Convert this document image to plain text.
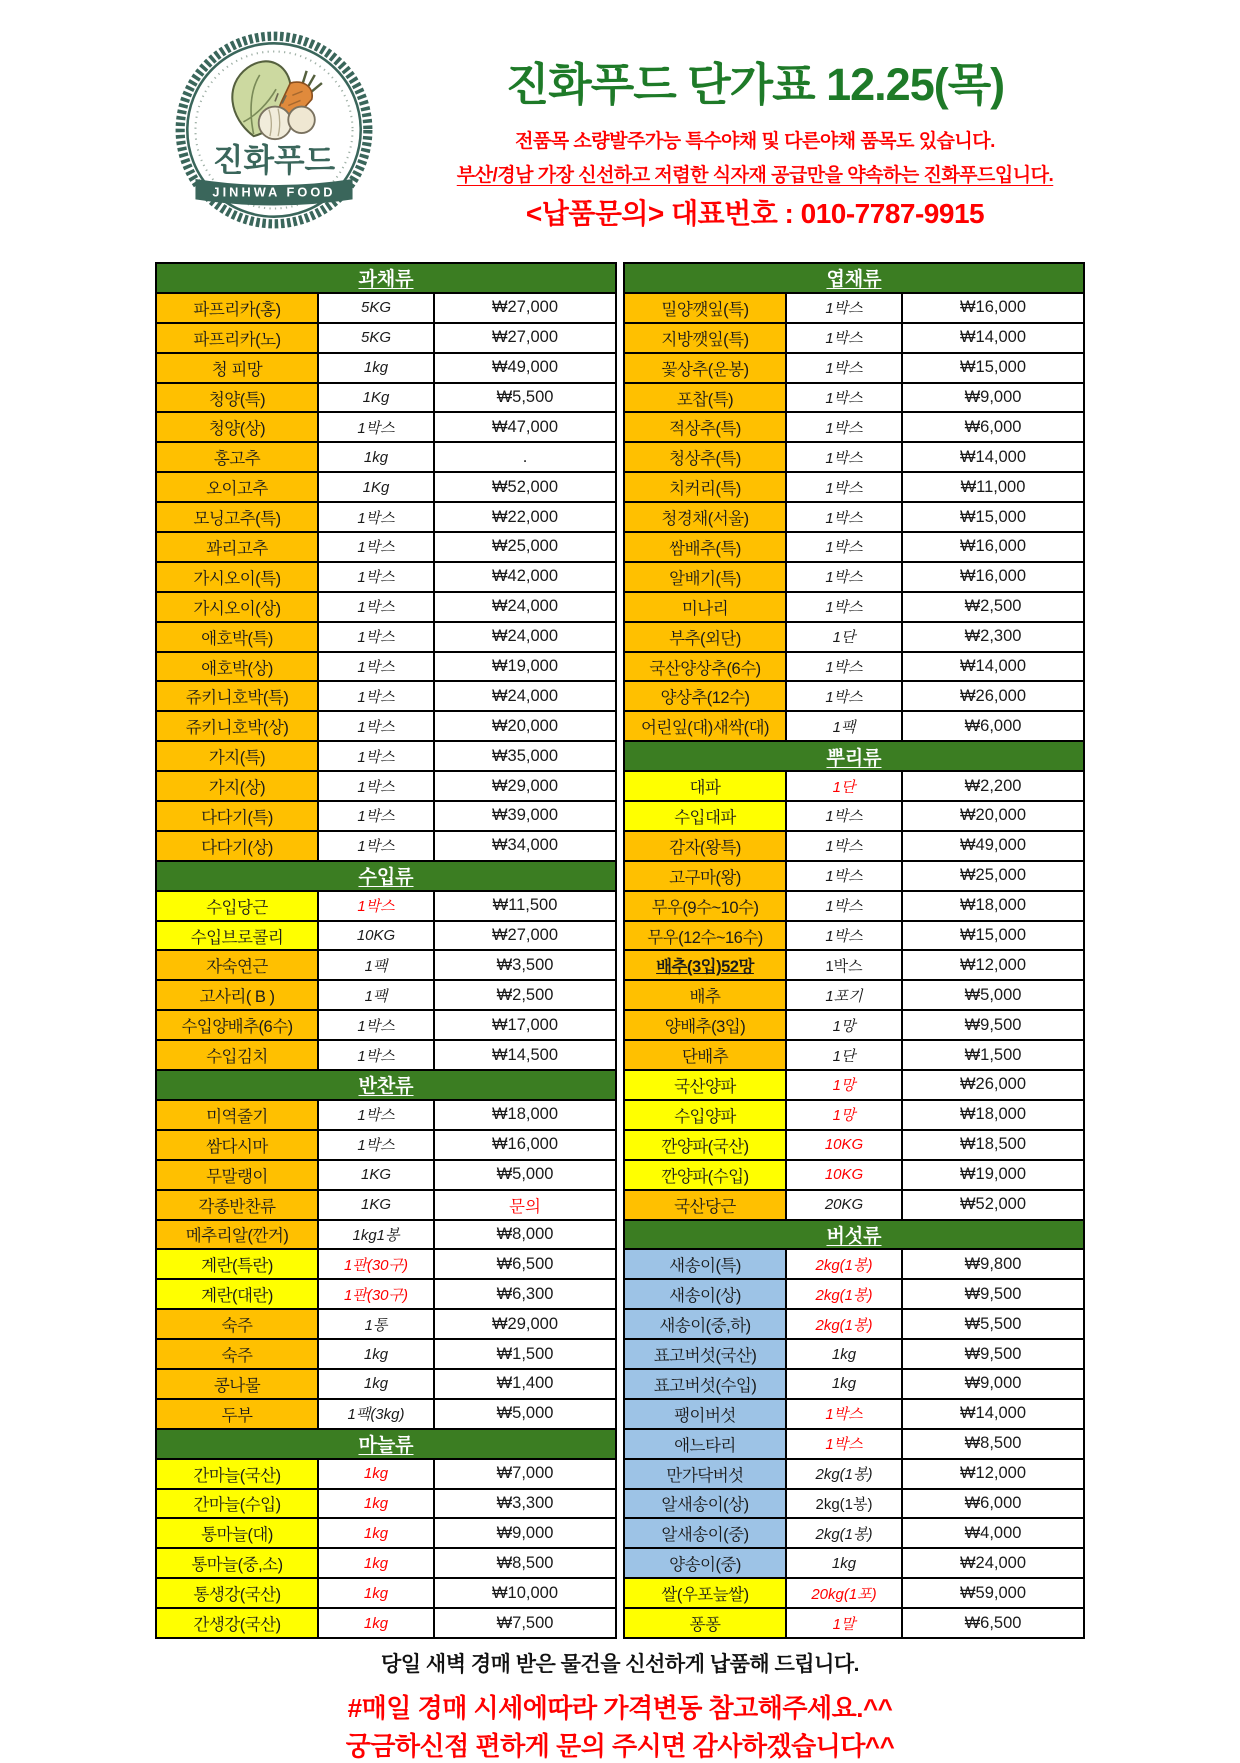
진화푸드
JINHWA FOOD
진화푸드 단가표 12.25(목)
전품목 소량발주가능 특수야채 및 다른야채 품목도 있습니다.
부산/경남 가장 신선하고 저렴한 식자재 공급만을 약속하는 진화푸드입니다.
<납품문의> 대표번호 : 010-7787-9915
과채류
파프리카(홍)	5KG	₩27,000
파프리카(노)	5KG	₩27,000
청 피망	1kg	₩49,000
청양(특)	1Kg	₩5,500
청양(상)	1박스	₩47,000
홍고추	1kg	.
오이고추	1Kg	₩52,000
모닝고추(특)	1박스	₩22,000
꽈리고추	1박스	₩25,000
가시오이(특)	1박스	₩42,000
가시오이(상)	1박스	₩24,000
애호박(특)	1박스	₩24,000
애호박(상)	1박스	₩19,000
쥬키니호박(특)	1박스	₩24,000
쥬키니호박(상)	1박스	₩20,000
가지(특)	1박스	₩35,000
가지(상)	1박스	₩29,000
다다기(특)	1박스	₩39,000
다다기(상)	1박스	₩34,000
수입류
수입당근	1박스	₩11,500
수입브로콜리	10KG	₩27,000
자숙연근	1팩	₩3,500
고사리( B )	1팩	₩2,500
수입양배추(6수)	1박스	₩17,000
수입김치	1박스	₩14,500
반찬류
미역줄기	1박스	₩18,000
쌈다시마	1박스	₩16,000
무말랭이	1KG	₩5,000
각종반찬류	1KG	문의
메추리알(깐거)	1kg1봉	₩8,000
계란(특란)	1판(30구)	₩6,500
계란(대란)	1판(30구)	₩6,300
숙주	1통	₩29,000
숙주	1kg	₩1,500
콩나물	1kg	₩1,400
두부	1팩(3kg)	₩5,000
마늘류
간마늘(국산)	1kg	₩7,000
간마늘(수입)	1kg	₩3,300
통마늘(대)	1kg	₩9,000
통마늘(중,소)	1kg	₩8,500
통생강(국산)	1kg	₩10,000
간생강(국산)	1kg	₩7,500
엽채류
밀양깻잎(특)	1박스	₩16,000
지방깻잎(특)	1박스	₩14,000
꽃상추(운봉)	1박스	₩15,000
포찹(특)	1박스	₩9,000
적상추(특)	1박스	₩6,000
청상추(특)	1박스	₩14,000
치커리(특)	1박스	₩11,000
청경채(서울)	1박스	₩15,000
쌈배추(특)	1박스	₩16,000
알배기(특)	1박스	₩16,000
미나리	1박스	₩2,500
부추(외단)	1단	₩2,300
국산양상추(6수)	1박스	₩14,000
양상추(12수)	1박스	₩26,000
어린잎(대)새싹(대)	1팩	₩6,000
뿌리류
대파	1단	₩2,200
수입대파	1박스	₩20,000
감자(왕특)	1박스	₩49,000
고구마(왕)	1박스	₩25,000
무우(9수~10수)	1박스	₩18,000
무우(12수~16수)	1박스	₩15,000
배추(3입)52망	1박스	₩12,000
배추	1포기	₩5,000
양배추(3입)	1망	₩9,500
단배추	1단	₩1,500
국산양파	1망	₩26,000
수입양파	1망	₩18,000
깐양파(국산)	10KG	₩18,500
깐양파(수입)	10KG	₩19,000
국산당근	20KG	₩52,000
버섯류
새송이(특)	2kg(1봉)	₩9,800
새송이(상)	2kg(1봉)	₩9,500
새송이(중,하)	2kg(1봉)	₩5,500
표고버섯(국산)	1kg	₩9,500
표고버섯(수입)	1kg	₩9,000
팽이버섯	1박스	₩14,000
애느타리	1박스	₩8,500
만가닥버섯	2kg(1봉)	₩12,000
알새송이(상)	2kg(1봉)	₩6,000
알새송이(중)	2kg(1봉)	₩4,000
양송이(중)	1kg	₩24,000
쌀(우포늪쌀)	20kg(1포)	₩59,000
퐁퐁	1말	₩6,500
당일 새벽 경매 받은 물건을 신선하게 납품해 드립니다.
#매일 경매 시세에따라 가격변동 참고해주세요.^^
궁금하신점 편하게 문의 주시면 감사하겠습니다^^
